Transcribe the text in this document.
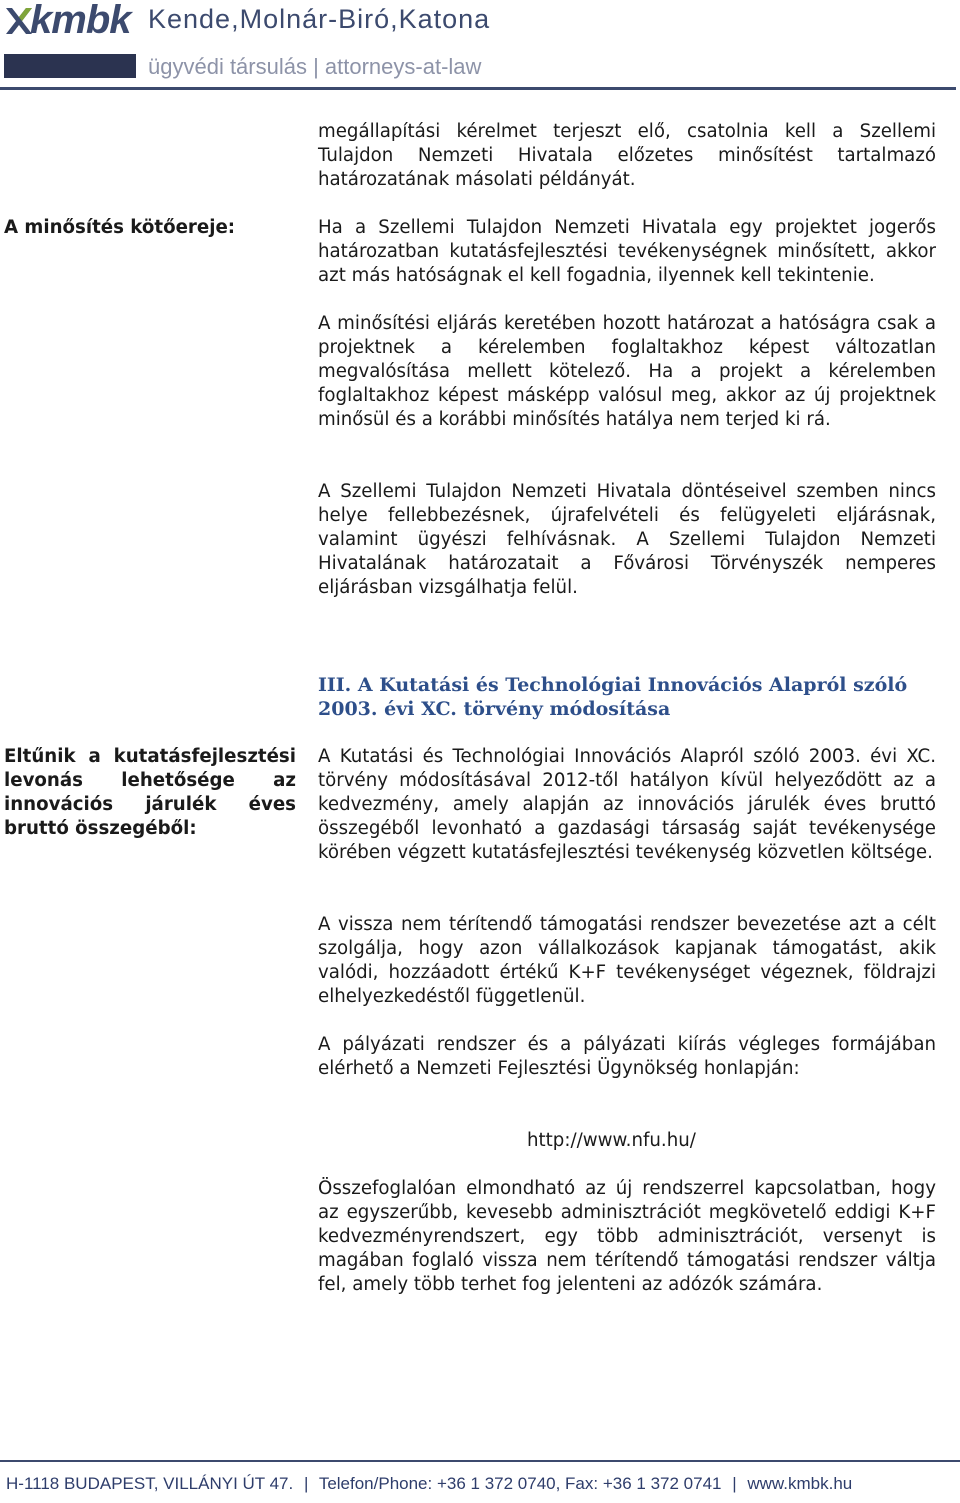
kmbk Kende,Molnár-Biró,Katona
ügyvédi társulás | attorneys-at-law
megállapítási kérelmet terjeszt elő, csatolnia kell a Szellemi Tulajdon Nemzeti Hivatala előzetes minősítést tartalmazó határozatának másolati példányát.
A minősítés kötőereje:	Ha a Szellemi Tulajdon Nemzeti Hivatala egy projektet jogerős határozatban kutatásfejlesztési tevékenységnek minősített, akkor azt más hatóságnak el kell fogadnia, ilyennek kell tekintenie.
A minősítési eljárás keretében hozott határozat a hatóságra csak a projektnek a kérelemben foglaltakhoz képest változatlan megvalósítása mellett kötelező. Ha a projekt a kérelemben foglaltakhoz képest másképp valósul meg, akkor az új projektnek minősül és a korábbi minősítés hatálya nem terjed ki rá.
A Szellemi Tulajdon Nemzeti Hivatala döntéseivel szemben nincs helye fellebbezésnek, újrafelvételi és felügyeleti eljárásnak, valamint ügyészi felhívásnak. A Szellemi Tulajdon Nemzeti Hivatalának határozatait a Fővárosi Törvényszék nemperes eljárásban vizsgálhatja felül.
III. A Kutatási és Technológiai Innovációs Alapról szóló 2003. évi XC. törvény módosítása
Eltűnik a kutatásfejlesztési levonás lehetősége az innovációs járulék éves bruttó összegéből:
A Kutatási és Technológiai Innovációs Alapról szóló 2003. évi XC. törvény módosításával 2012-től hatályon kívül helyeződött az a kedvezmény, amely alapján az innovációs járulék éves bruttó összegéből levonható a gazdasági társaság saját tevékenysége körében végzett kutatásfejlesztési tevékenység közvetlen költsége.
A vissza nem térítendő támogatási rendszer bevezetése azt a célt szolgálja, hogy azon vállalkozások kapjanak támogatást, akik valódi, hozzáadott értékű K+F tevékenységet végeznek, földrajzi elhelyezkedéstől függetlenül.
A pályázati rendszer és a pályázati kiírás végleges formájában elérhető a Nemzeti Fejlesztési Ügynökség honlapján:
http://www.nfu.hu/
Összefoglalóan elmondható az új rendszerrel kapcsolatban, hogy az egyszerűbb, kevesebb adminisztrációt megkövetelő eddigi K+F kedvezményrendszert, egy több adminisztrációt, versenyt is magában foglaló vissza nem térítendő támogatási rendszer váltja fel, amely több terhet fog jelenteni az adózók számára.
H-1118 BUDAPEST, VILLÁNYI ÚT 47. | Telefon/Phone: +36 1 372 0740, Fax: +36 1 372 0741 | www.kmbk.hu
